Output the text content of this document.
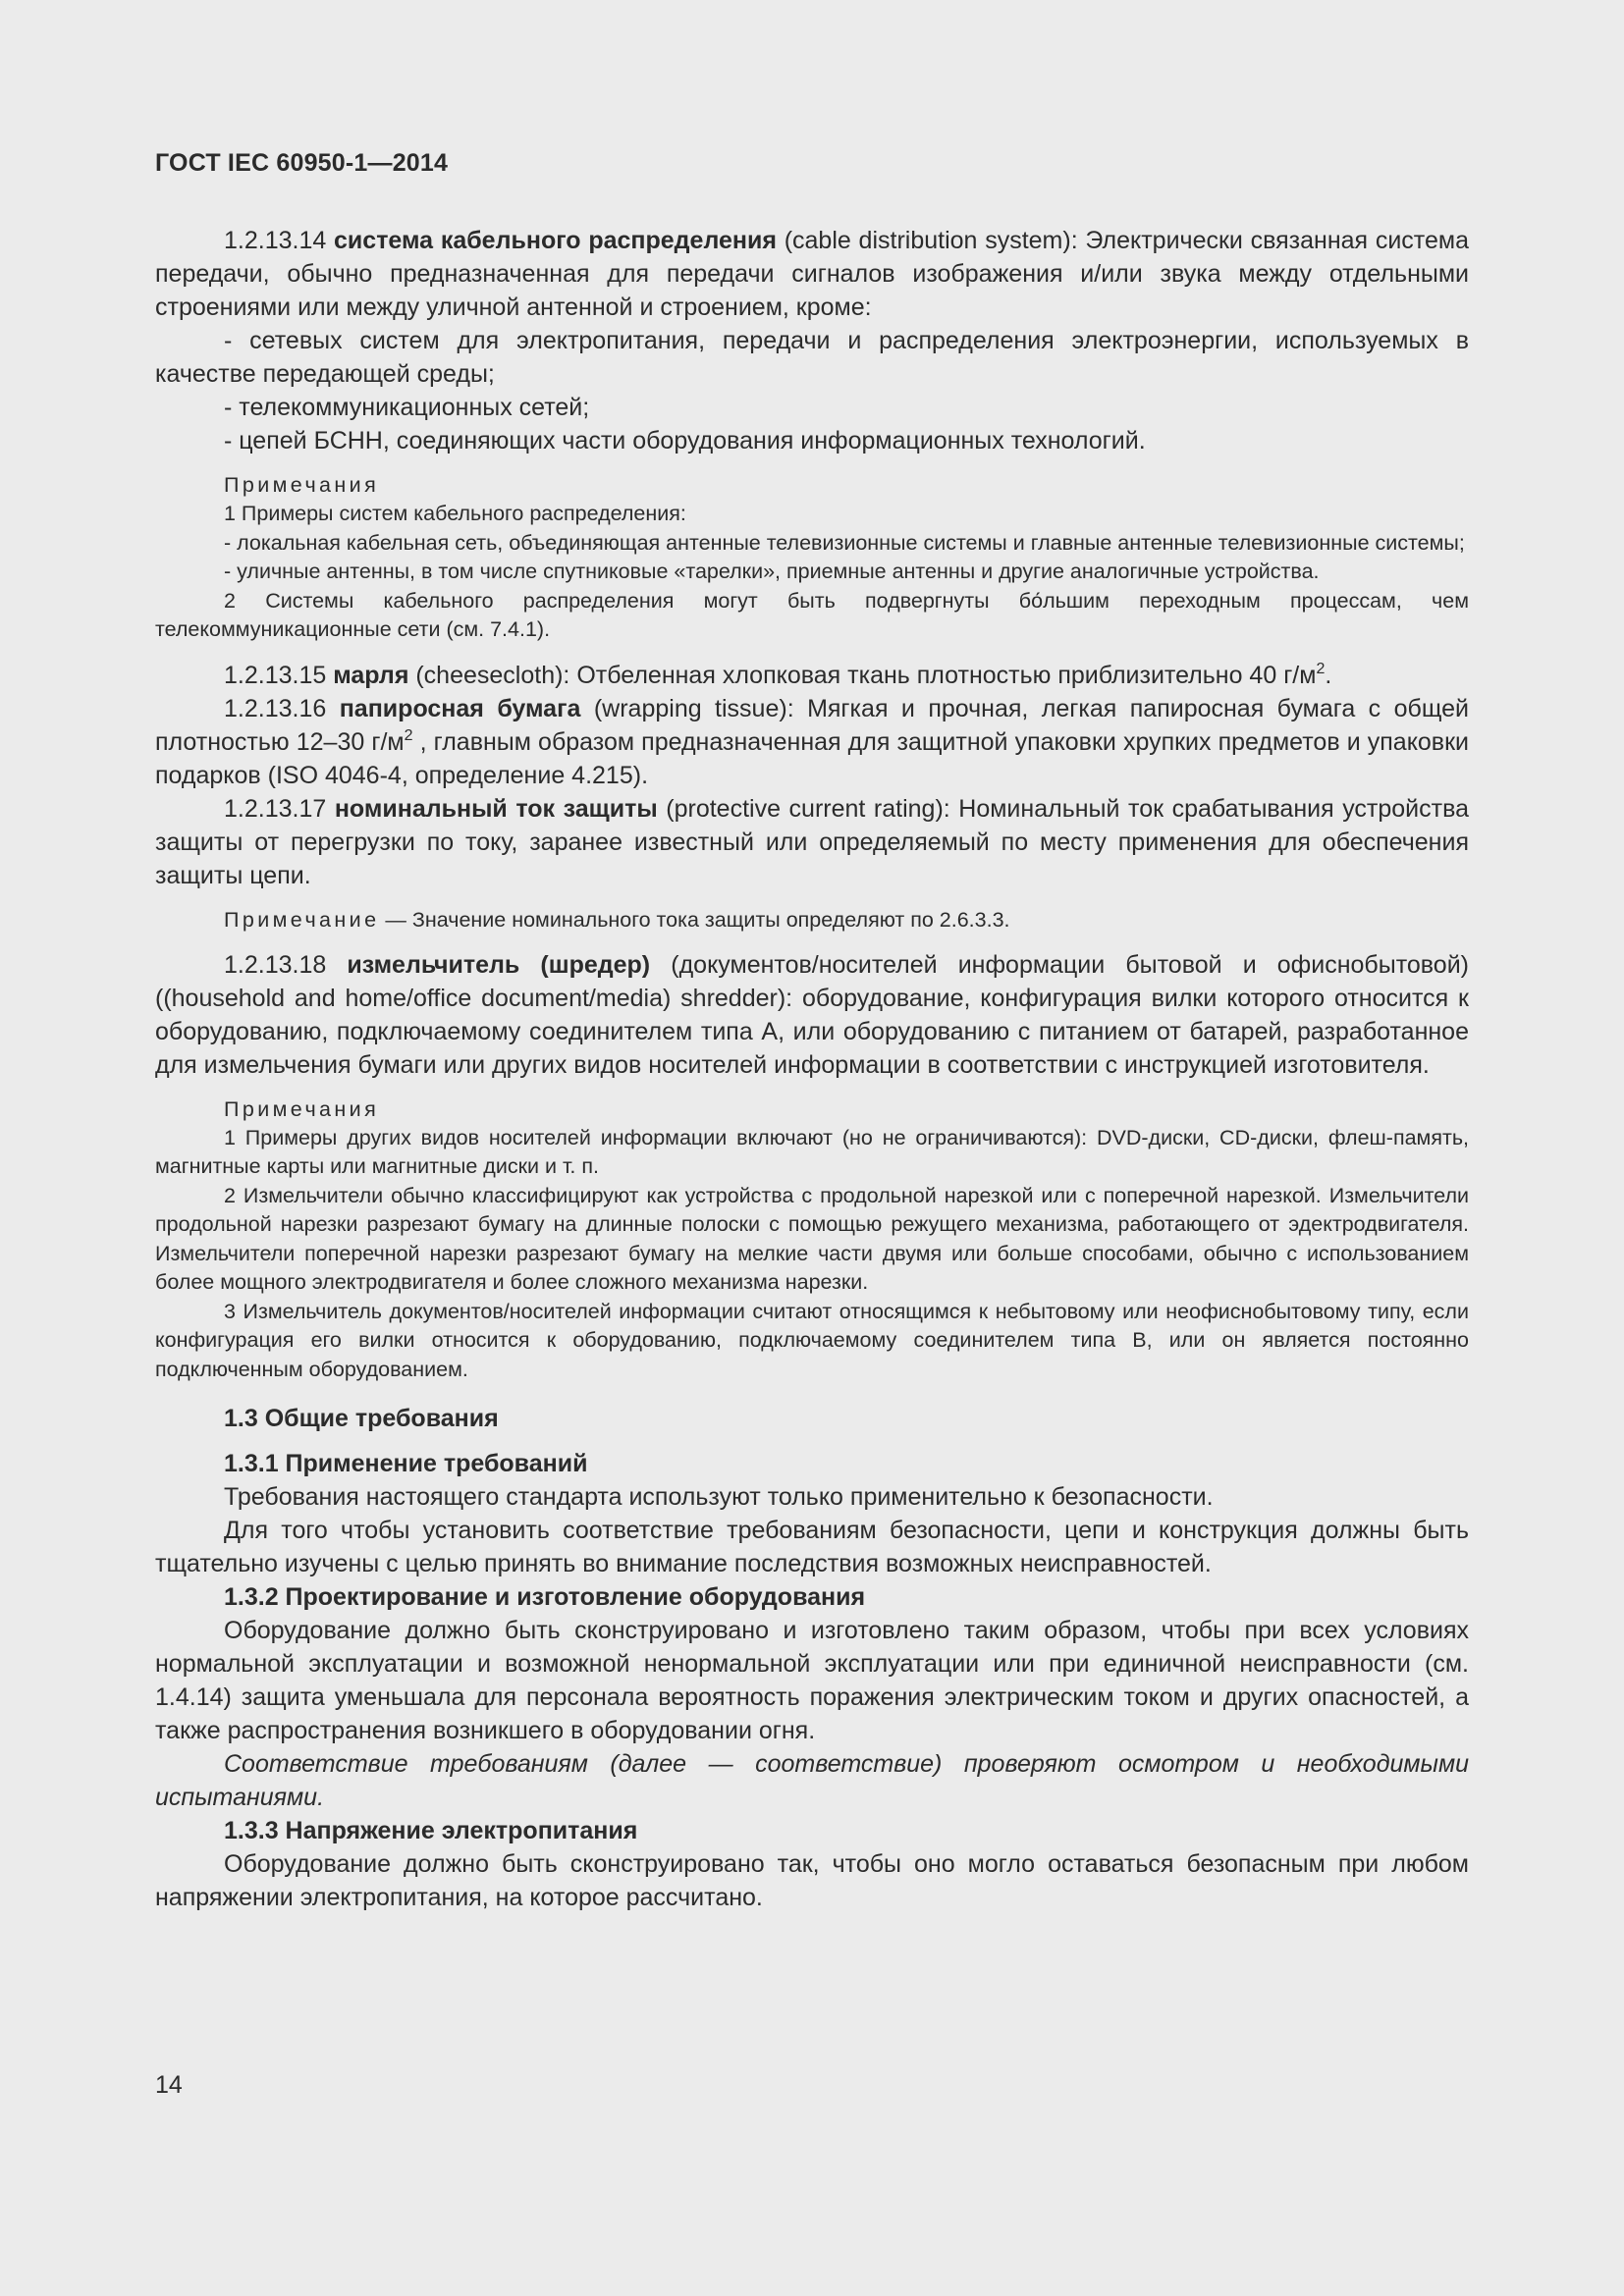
ГОСТ IEC 60950-1—2014

1.2.13.14 система кабельного распределения (cable distribution system): Электрически связанная система передачи, обычно предназначенная для передачи сигналов изображения и/или звука между отдельными строениями или между уличной антенной и строением, кроме:

- сетевых систем для электропитания, передачи и распределения электроэнергии, используемых в качестве передающей среды;

- телекоммуникационных сетей;

- цепей БСНН, соединяющих части оборудования информационных технологий.

Примечания

1 Примеры систем кабельного распределения:

- локальная кабельная сеть, объединяющая антенные телевизионные системы и главные антенные телевизионные системы;

- уличные антенны, в том числе спутниковые «тарелки», приемные антенны и другие аналогичные устройства.

2 Системы кабельного распределения могут быть подвергнуты бо́льшим переходным процессам, чем телекоммуникационные сети (см. 7.4.1).

1.2.13.15 марля (cheesecloth): Отбеленная хлопковая ткань плотностью приблизительно 40 $г/м^2$.

1.2.13.16 папиросная бумага (wrapping tissue): Мягкая и прочная, легкая папиросная бумага с общей плотностью 12–30 $г/м^2$ , главным образом предназначенная для защитной упаковки хрупких предметов и упаковки подарков (ISO 4046-4, определение 4.215).

1.2.13.17 номинальный ток защиты (protective current rating): Номинальный ток срабатывания устройства защиты от перегрузки по току, заранее известный или определяемый по месту применения для обеспечения защиты цепи.

Примечание — Значение номинального тока защиты определяют по 2.6.3.3.

1.2.13.18 измельчитель (шредер) (документов/носителей информации бытовой и офиснобытовой) ((household and home/office document/media) shredder): оборудование, конфигурация вилки которого относится к оборудованию, подключаемому соединителем типа А, или оборудованию с питанием от батарей, разработанное для измельчения бумаги или других видов носителей информации в соответствии с инструкцией изготовителя.

Примечания

1 Примеры других видов носителей информации включают (но не ограничиваются): DVD-диски, CD-диски, флеш-память, магнитные карты или магнитные диски и т. п.

2 Измельчители обычно классифицируют как устройства с продольной нарезкой или с поперечной нарезкой. Измельчители продольной нарезки разрезают бумагу на длинные полоски с помощью режущего механизма, работающего от эдектродвигателя. Измельчители поперечной нарезки разрезают бумагу на мелкие части двумя или больше способами, обычно с использованием более мощного электродвигателя и более сложного механизма нарезки.

3 Измельчитель документов/носителей информации считают относящимся к небытовому или неофиснобытовому типу, если конфигурация его вилки относится к оборудованию, подключаемому соединителем типа В, или он является постоянно подключенным оборудованием.

1.3 Общие требования

1.3.1 Применение требований

Требования настоящего стандарта используют только применительно к безопасности.

Для того чтобы установить соответствие требованиям безопасности, цепи и конструкция должны быть тщательно изучены с целью принять во внимание последствия возможных неисправностей.

1.3.2 Проектирование и изготовление оборудования

Оборудование должно быть сконструировано и изготовлено таким образом, чтобы при всех условиях нормальной эксплуатации и возможной ненормальной эксплуатации или при единичной неисправности (см. 1.4.14) защита уменьшала для персонала вероятность поражения электрическим током и других опасностей, а также распространения возникшего в оборудовании огня.

Соответствие требованиям (далее — соответствие) проверяют осмотром и необходимыми испытаниями.

1.3.3 Напряжение электропитания

Оборудование должно быть сконструировано так, чтобы оно могло оставаться безопасным при любом напряжении электропитания, на которое рассчитано.

14
